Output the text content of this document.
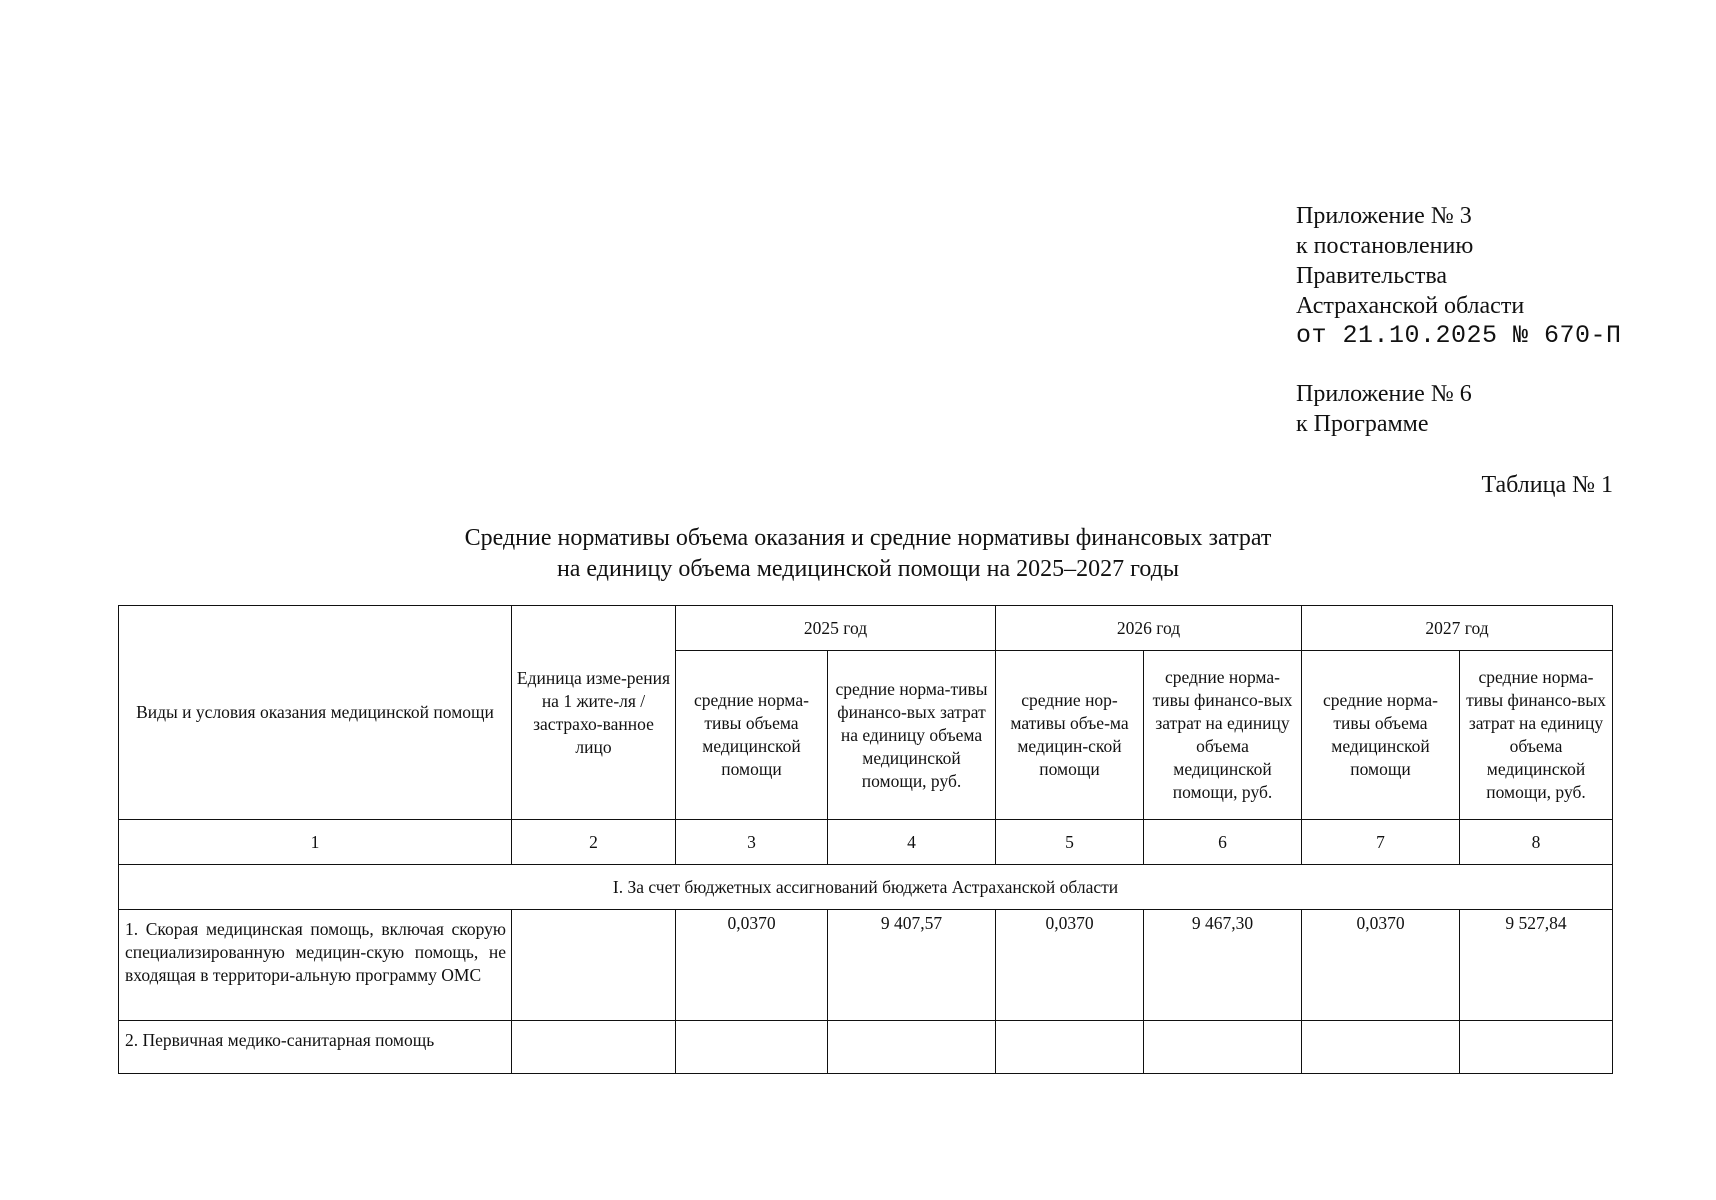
Приложение № 3
к постановлению
Правительства
Астраханской области
от 21.10.2025 № 670-П
Приложение № 6
к Программе
Таблица № 1
Средние нормативы объема оказания и средние нормативы финансовых затрат
на единицу объема медицинской помощи на 2025–2027 годы
Виды и условия оказания медицинской помощи	Единица изме-рения на 1 жите-ля / застрахо-ванное лицо	2025 год		2026 год		2027 год	
		средние норма-тивы объема медицинской помощи	средние норма-тивы финансо-вых затрат на единицу объема медицинской помощи, руб.	средние нор-мативы объе-ма медицин-ской помощи	средние норма-тивы финансо-вых затрат на единицу объема медицинской помощи, руб.	средние норма-тивы объема медицинской помощи	средние норма-тивы финансо-вых затрат на единицу объема медицинской помощи, руб.
1	2	3	4	5	6	7	8
I. За счет бюджетных ассигнований бюджета Астраханской области							
1. Скорая медицинская помощь, включая скорую специализированную медицин-скую помощь, не входящая в территори-альную программу ОМС		0,0370	9 407,57	0,0370	9 467,30	0,0370	9 527,84
2. Первичная медико-санитарная помощь							
